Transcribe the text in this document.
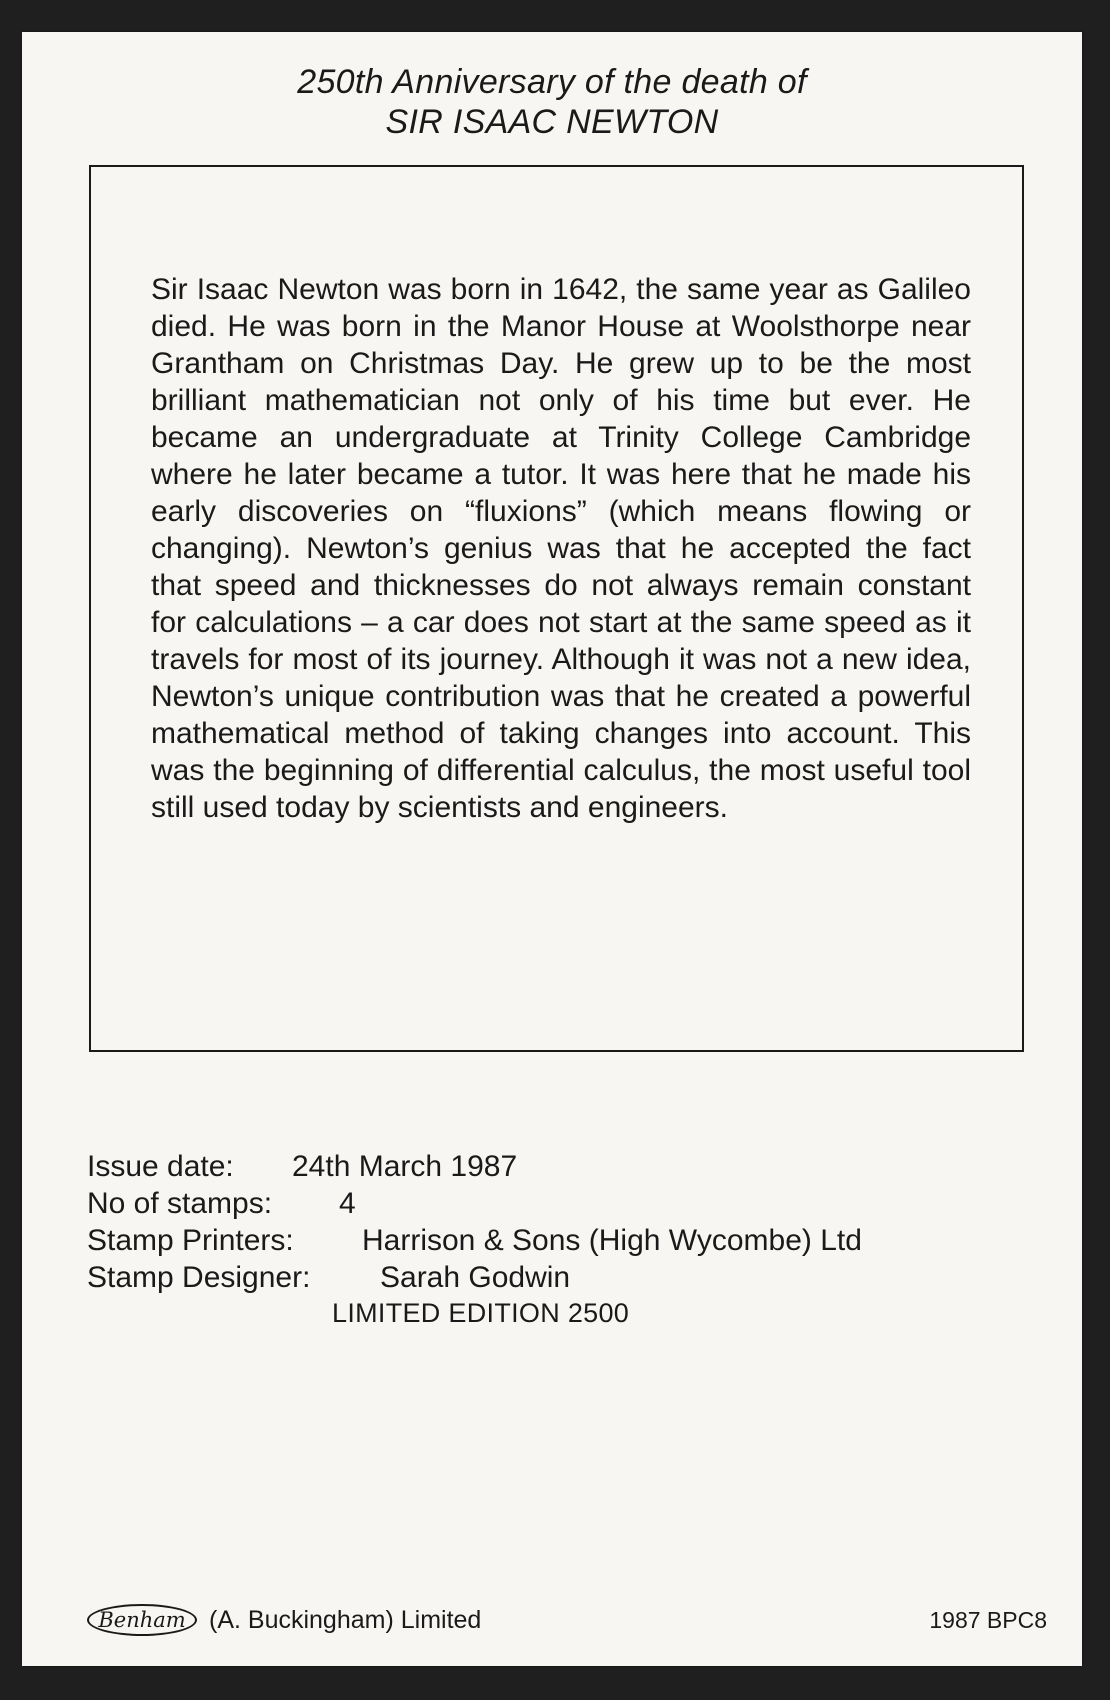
250th Anniversary of the death of
SIR ISAAC NEWTON
Sir Isaac Newton was born in 1642, the same year as Galileo died. He was born in the Manor House at Woolsthorpe near Grantham on Christmas Day. He grew up to be the most brilliant mathematician not only of his time but ever. He became an undergraduate at Trinity College Cambridge where he later became a tutor. It was here that he made his early discoveries on “fluxions” (which means flowing or changing). Newton’s genius was that he accepted the fact that speed and thicknesses do not always remain constant for calculations – a car does not start at the same speed as it travels for most of its journey. Although it was not a new idea, Newton’s unique contribution was that he created a powerful mathematical method of taking changes into account. This was the beginning of differential calculus, the most useful tool still used today by scientists and engineers.
Issue date: 24th March 1987
No of stamps: 4
Stamp Printers: Harrison & Sons (High Wycombe) Ltd
Stamp Designer: Sarah Godwin
LIMITED EDITION 2500
Benham (A. Buckingham) Limited	1987 BPC8
